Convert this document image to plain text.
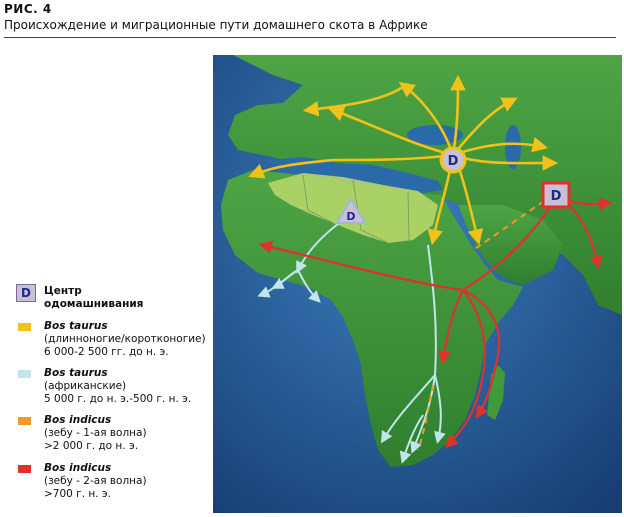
РИС. 4
Происхождение и миграционные пути домашнего скота в Африке
D
D
D
D	Центр
одомашнивания
Bos taurus
(длинноногие/коротконогие)
6 000-2 500 гг. до н. э.
Bos taurus
(африканские)
5 000 г. до н. э.-500 г. н. э.
Bos indicus
(зебу - 1-ая волна)
>2 000 г. до н. э.
Bos indicus
(зебу - 2-ая волна)
>700 г. н. э.
